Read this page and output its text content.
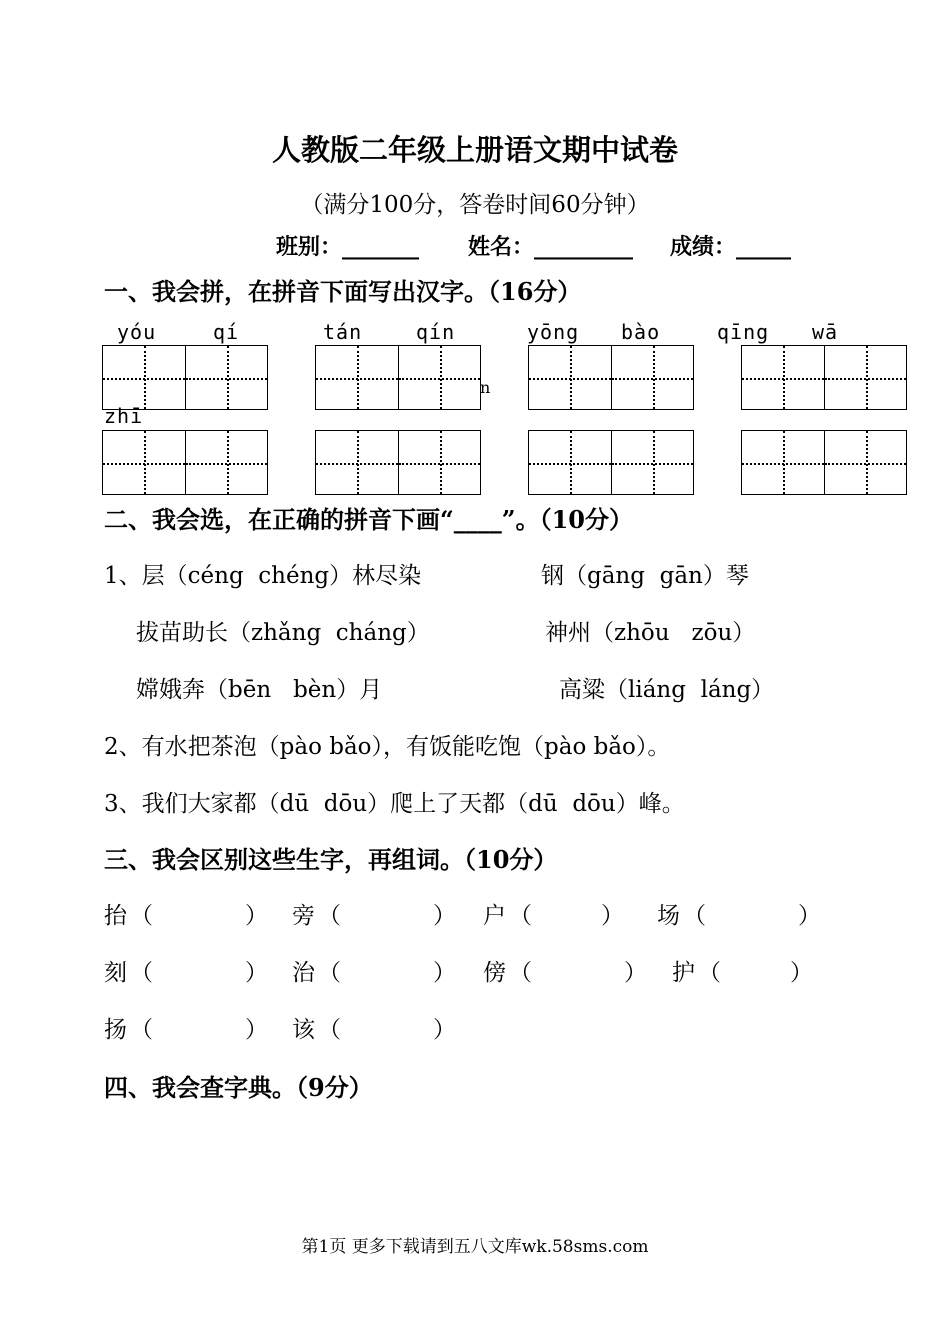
人教版二年级上册语文期中试卷
（满分100分，答卷时间60分钟）
班别：_______ 姓名：_________ 成绩：_____
一、我会拼，在拼音下面写出汉字。（16分）
yóu	qí	tán	qín	yōng bào	qīng wā
zhī
n
二、我会选，在正确的拼音下画“____”。（10分）
1、层（céng  chéng）林尽染	钢（gāng  gān）琴
拔苗助长（zhǎng  cháng）	神州（zhōu   zōu）
嫦娥奔（bēn   bèn）月	高粱（liáng  láng）
2、有水把茶泡（pào bǎo），有饭能吃饱（pào bǎo）。
3、我们大家都（dū  dōu）爬上了天都（dū  dōu）峰。
三、我会区别这些生字，再组词。（10分）
抬 （　　　　） 旁 （　　　　） 户 （　　　） 场 （　　　　）
刻 （　　　　） 治 （　　　　） 傍 （　　　　） 护 （　　　）
扬 （　　　　） 该 （　　　　）
四、我会查字典。（9分）
第1页 更多下载请到五八文库wk.58sms.com
